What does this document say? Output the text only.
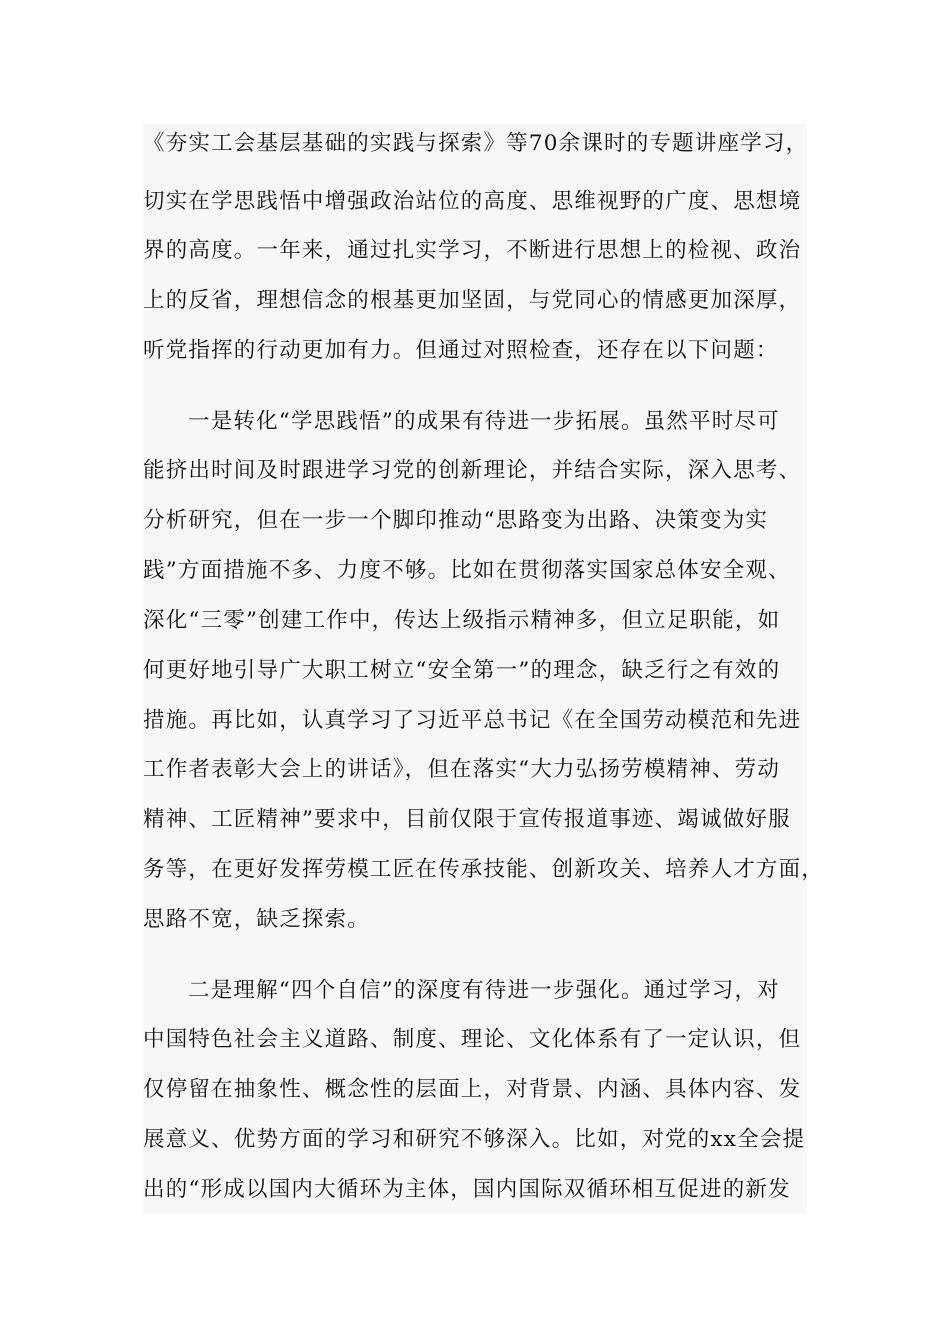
《夯实工会基层基础的实践与探索》等70余课时的专题讲座学习，
切实在学思践悟中增强政治站位的高度、思维视野的广度、思想境
界的高度。一年来，通过扎实学习，不断进行思想上的检视、政治
上的反省，理想信念的根基更加坚固，与党同心的情感更加深厚，
听党指挥的行动更加有力。但通过对照检查，还存在以下问题：
一是转化“学思践悟”的成果有待进一步拓展。虽然平时尽可
能挤出时间及时跟进学习党的创新理论，并结合实际，深入思考、
分析研究，但在一步一个脚印推动“思路变为出路、决策变为实
践”方面措施不多、力度不够。比如在贯彻落实国家总体安全观、
深化“三零”创建工作中，传达上级指示精神多，但立足职能，如
何更好地引导广大职工树立“安全第一”的理念，缺乏行之有效的
措施。再比如，认真学习了习近平总书记《在全国劳动模范和先进
工作者表彰大会上的讲话》，但在落实“大力弘扬劳模精神、劳动
精神、工匠精神”要求中，目前仅限于宣传报道事迹、竭诚做好服
务等，在更好发挥劳模工匠在传承技能、创新攻关、培养人才方面，
思路不宽，缺乏探索。
二是理解“四个自信”的深度有待进一步强化。通过学习，对
中国特色社会主义道路、制度、理论、文化体系有了一定认识，但
仅停留在抽象性、概念性的层面上，对背景、内涵、具体内容、发
展意义、优势方面的学习和研究不够深入。比如，对党的xx全会提
出的“形成以国内大循环为主体，国内国际双循环相互促进的新发
